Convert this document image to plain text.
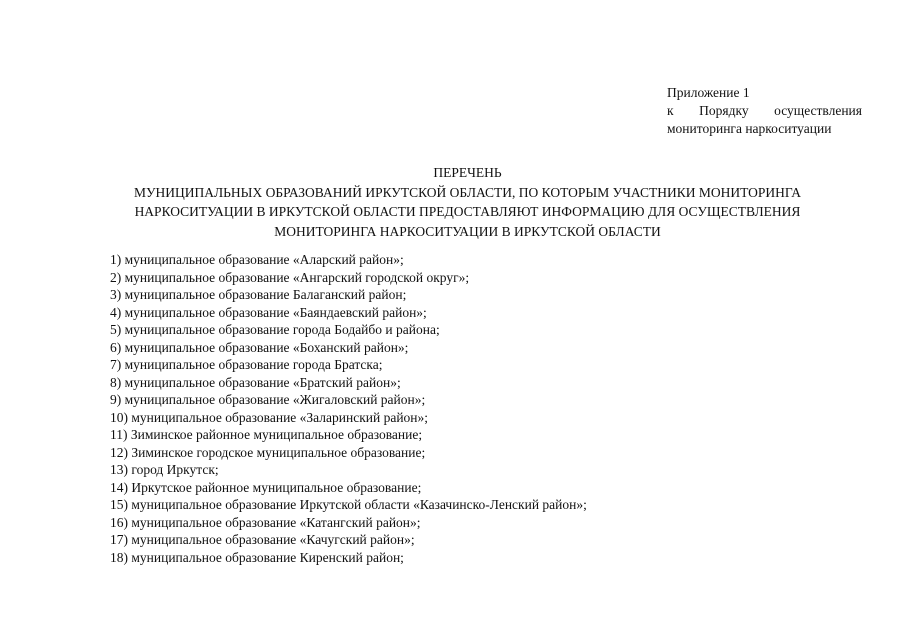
Приложение 1
к Порядку осуществления
мониторинга наркоситуации
ПЕРЕЧЕНЬ
МУНИЦИПАЛЬНЫХ ОБРАЗОВАНИЙ ИРКУТСКОЙ ОБЛАСТИ, ПО КОТОРЫМ УЧАСТНИКИ МОНИТОРИНГА
НАРКОСИТУАЦИИ В ИРКУТСКОЙ ОБЛАСТИ ПРЕДОСТАВЛЯЮТ ИНФОРМАЦИЮ ДЛЯ ОСУЩЕСТВЛЕНИЯ
МОНИТОРИНГА НАРКОСИТУАЦИИ В ИРКУТСКОЙ ОБЛАСТИ
1) муниципальное образование «Аларский район»;
2) муниципальное образование «Ангарский городской округ»;
3) муниципальное образование Балаганский район;
4) муниципальное образование «Баяндаевский район»;
5) муниципальное образование города Бодайбо и района;
6) муниципальное образование «Боханский район»;
7) муниципальное образование города Братска;
8) муниципальное образование «Братский район»;
9) муниципальное образование «Жигаловский район»;
10) муниципальное образование «Заларинский район»;
11) Зиминское районное муниципальное образование;
12) Зиминское городское муниципальное образование;
13) город Иркутск;
14) Иркутское районное муниципальное образование;
15) муниципальное образование Иркутской области «Казачинско-Ленский район»;
16) муниципальное образование «Катангский район»;
17) муниципальное образование «Качугский район»;
18) муниципальное образование Киренский район;
